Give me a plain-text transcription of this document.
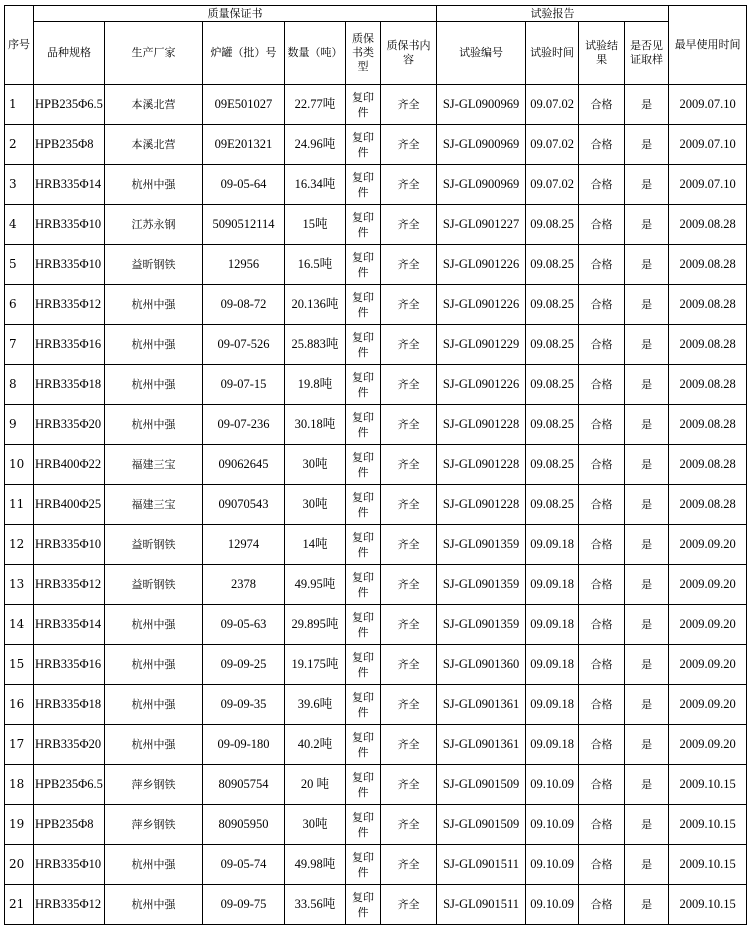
序号	质量保证书						试验报告				最早使用时间
	品种规格	生产厂家	炉罐（批）号	数量（吨）	质保书类型	质保书内容	试验编号	试验时间	试验结果	是否见证取样	
1	HPB235Φ6.5	本溪北营	09E501027	22.77吨	复印件	齐全	SJ-GL0900969	09.07.02	合格	是	2009.07.10
2	HPB235Φ8	本溪北营	09E201321	24.96吨	复印件	齐全	SJ-GL0900969	09.07.02	合格	是	2009.07.10
3	HRB335Φ14	杭州中强	09-05-64	16.34吨	复印件	齐全	SJ-GL0900969	09.07.02	合格	是	2009.07.10
4	HRB335Φ10	江苏永钢	5090512114	15吨	复印件	齐全	SJ-GL0901227	09.08.25	合格	是	2009.08.28
5	HRB335Φ10	益昕钢铁	12956	16.5吨	复印件	齐全	SJ-GL0901226	09.08.25	合格	是	2009.08.28
6	HRB335Φ12	杭州中强	09-08-72	20.136吨	复印件	齐全	SJ-GL0901226	09.08.25	合格	是	2009.08.28
7	HRB335Φ16	杭州中强	09-07-526	25.883吨	复印件	齐全	SJ-GL0901229	09.08.25	合格	是	2009.08.28
8	HRB335Φ18	杭州中强	09-07-15	19.8吨	复印件	齐全	SJ-GL0901226	09.08.25	合格	是	2009.08.28
9	HRB335Φ20	杭州中强	09-07-236	30.18吨	复印件	齐全	SJ-GL0901228	09.08.25	合格	是	2009.08.28
10	HRB400Φ22	福建三宝	09062645	30吨	复印件	齐全	SJ-GL0901228	09.08.25	合格	是	2009.08.28
11	HRB400Φ25	福建三宝	09070543	30吨	复印件	齐全	SJ-GL0901228	09.08.25	合格	是	2009.08.28
12	HRB335Φ10	益昕钢铁	12974	14吨	复印件	齐全	SJ-GL0901359	09.09.18	合格	是	2009.09.20
13	HRB335Φ12	益昕钢铁	2378	49.95吨	复印件	齐全	SJ-GL0901359	09.09.18	合格	是	2009.09.20
14	HRB335Φ14	杭州中强	09-05-63	29.895吨	复印件	齐全	SJ-GL0901359	09.09.18	合格	是	2009.09.20
15	HRB335Φ16	杭州中强	09-09-25	19.175吨	复印件	齐全	SJ-GL0901360	09.09.18	合格	是	2009.09.20
16	HRB335Φ18	杭州中强	09-09-35	39.6吨	复印件	齐全	SJ-GL0901361	09.09.18	合格	是	2009.09.20
17	HRB335Φ20	杭州中强	09-09-180	40.2吨	复印件	齐全	SJ-GL0901361	09.09.18	合格	是	2009.09.20
18	HPB235Φ6.5	萍乡钢铁	80905754	20 吨	复印件	齐全	SJ-GL0901509	09.10.09	合格	是	2009.10.15
19	HPB235Φ8	萍乡钢铁	80905950	30吨	复印件	齐全	SJ-GL0901509	09.10.09	合格	是	2009.10.15
20	HRB335Φ10	杭州中强	09-05-74	49.98吨	复印件	齐全	SJ-GL0901511	09.10.09	合格	是	2009.10.15
21	HRB335Φ12	杭州中强	09-09-75	33.56吨	复印件	齐全	SJ-GL0901511	09.10.09	合格	是	2009.10.15
